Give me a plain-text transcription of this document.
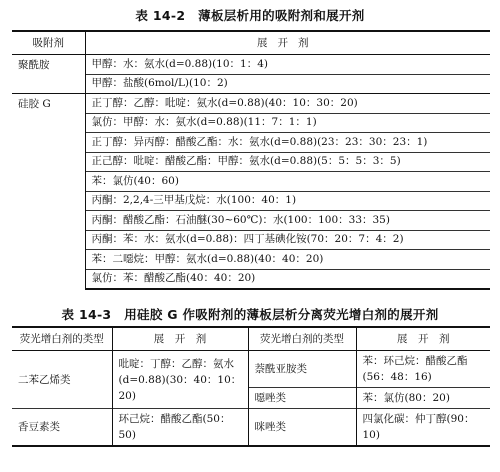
表 14-2　薄板层析用的吸附剂和展开剂
吸附剂	展开剂
聚酰胺	甲醇：水：氨水(d=0.88)(10：1：4)
	甲醇：盐酸(6mol/L)(10：2)
硅胶 G	正丁醇：乙醇：吡啶：氨水(d=0.88)(40：10：30：20)
	氯仿：甲醇：水：氨水(d=0.88)(11：7：1：1)
	正丁醇：异丙醇：醋酸乙酯：水：氨水(d=0.88)(23：23：30：23：1)
	正己醇：吡啶：醋酸乙酯：甲醇：氨水(d=0.88)(5：5：5：3：5)
	苯：氯仿(40：60)
	丙酮：2,2,4-三甲基戊烷：水(100：40：1)
	丙酮：醋酸乙酯：石油醚(30~60℃)：水(100：100：33：35)
	丙酮：苯：水：氨水(d=0.88)：四丁基碘化铵(70：20：7：4：2)
	苯：二噁烷：甲醇：氨水(d=0.88)(40：40：20)
	氯仿：苯：醋酸乙酯(40：40：20)
表 14-3　用硅胶 G 作吸附剂的薄板层析分离荧光增白剂的展开剂
荧光增白剂的类型	展　开　剂	荧光增白剂的类型	展　开　剂
二苯乙烯类	吡啶：丁醇：乙醇：氨水(d=0.88)(30：40：10：20)	萘酰亚胺类	苯：环己烷：醋酸乙酯(56：48：16)
		噁唑类	苯：氯仿(80：20)
香豆素类	环己烷：醋酸乙酯(50：50)	咪唑类	四氯化碳：仲丁醇(90：10)
